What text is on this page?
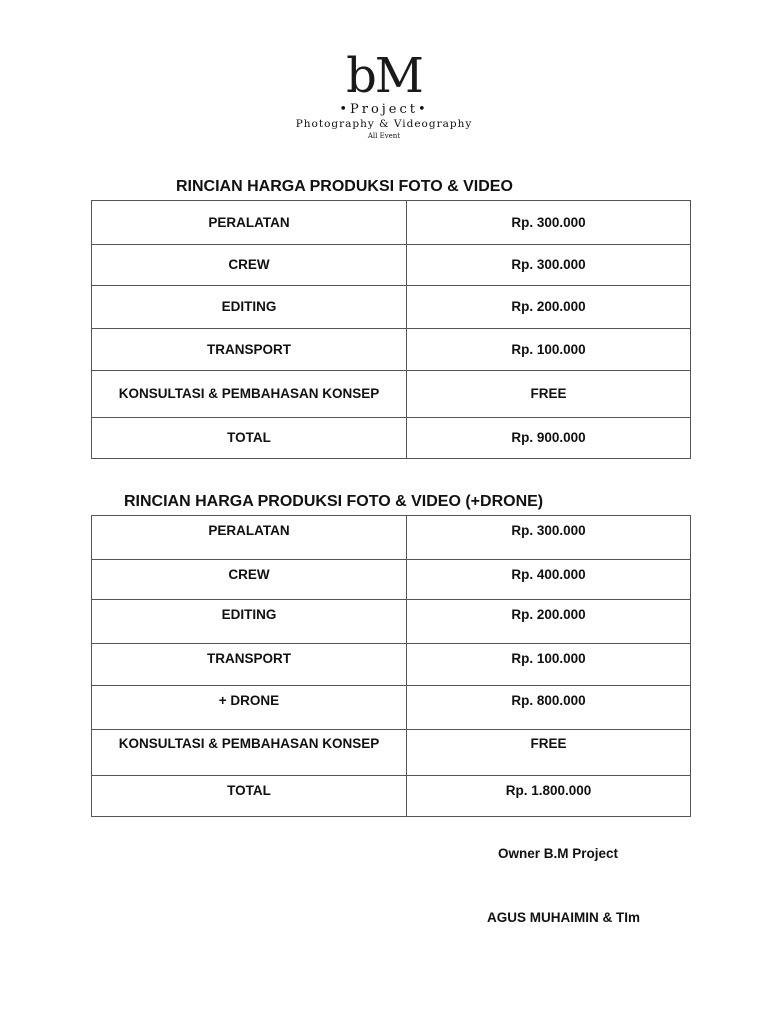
bM
•Project•
Photography & Videography
All Event
RINCIAN HARGA PRODUKSI FOTO & VIDEO
PERALATAN	Rp. 300.000
CREW	Rp. 300.000
EDITING	Rp. 200.000
TRANSPORT	Rp. 100.000
KONSULTASI & PEMBAHASAN KONSEP	FREE
TOTAL	Rp. 900.000
RINCIAN HARGA PRODUKSI FOTO & VIDEO (+DRONE)
PERALATAN	Rp. 300.000
CREW	Rp. 400.000
EDITING	Rp. 200.000
TRANSPORT	Rp. 100.000
+ DRONE	Rp. 800.000
KONSULTASI & PEMBAHASAN KONSEP	FREE
TOTAL	Rp. 1.800.000
Owner B.M Project
AGUS MUHAIMIN & TIm
